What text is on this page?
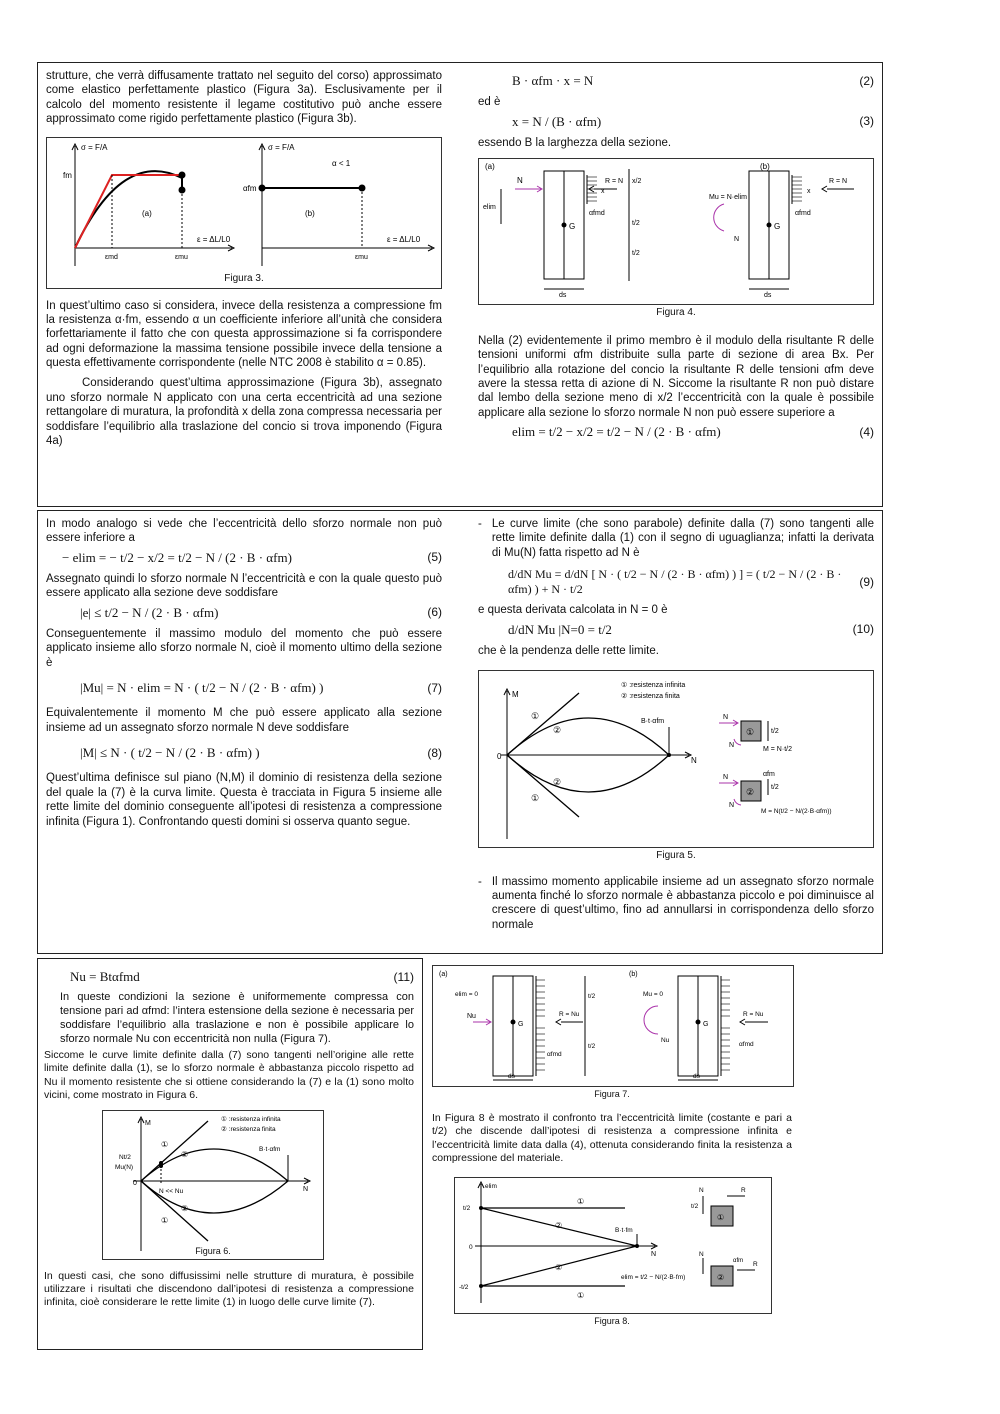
strutture, che verrà diffusamente trattato nel seguito del corso) approssimato come elastico perfettamente plastico (Figura 3a). Esclusivamente per il calcolo del momento resistente il legame costitutivo può anche essere approssimato come rigido perfettamente plastico (Figura 3b).

σ = F/A
fm
(a)
ε = ΔL/L0
εmd	εmu
σ = F/A
α < 1
αfm
(b)
ε = ΔL/L0
εmu
Figura 3.

In quest’ultimo caso si considera, invece della resistenza a compressione fm la resistenza α·fm, essendo α un coefficiente inferiore all’unità che considera forfettariamente il fatto che con questa approssimazione si fa corrispondere ad ogni deformazione la massima tensione possibile invece della tensione a questa effettivamente corrispondente (nelle NTC 2008 è stabilito α = 0.85).

Considerando quest’ultima approssimazione (Figura 3b), assegnato uno sforzo normale N applicato con una certa eccentricità ad una sezione rettangolare di muratura, la profondità x della zona compressa necessaria per soddisfare l’equilibrio alla traslazione del concio si trova imponendo (Figura 4a)

B · αfm · x = N	(2)

ed è

x = N / (B · αfm)	(3)

essendo B la larghezza della sezione.

(a)	(b)
N
elim
G
x
R = N x/2
t/2
t/2
αfmd
ds
Mu = N·elim
N
G
R = N
x
αfmd
ds
Figura 4.

Nella (2) evidentemente il primo membro è il modulo della risultante R delle tensioni uniformi αfm distribuite sulla parte di sezione di area Bx. Per l’equilibrio alla rotazione del concio la risultante R delle tensioni αfm deve avere la stessa retta di azione di N. Siccome la risultante R non può distare dal lembo della sezione meno di x/2 l’eccentricità con la quale è possibile applicare alla sezione lo sforzo normale N non può essere superiore a

elim = t/2 − x/2 = t/2 − N / (2 · B · αfm)	(4)

In modo analogo si vede che l’eccentricità dello sforzo normale non può essere inferiore a

− elim = − t/2 − x/2 = t/2 − N / (2 · B · αfm)	(5)

Assegnato quindi lo sforzo normale N l’eccentricità e con la quale questo può essere applicato alla sezione deve soddisfare

|e| ≤ t/2 − N / (2 · B · αfm)	(6)

Conseguentemente il massimo modulo del momento che può essere applicato insieme allo sforzo normale N, cioè il momento ultimo della sezione è

|Mu| = N · elim = N · ( t/2 − N / (2 · B · αfm) )	(7)

Equivalentemente il momento M che può essere applicato alla sezione insieme ad un assegnato sforzo normale N deve soddisfare

|M| ≤ N · ( t/2 − N / (2 · B · αfm) )	(8)

Quest’ultima definisce sul piano (N,M) il dominio di resistenza della sezione del quale la (7) è la curva limite. Questa è tracciata in Figura 5 insieme alle rette limite del dominio conseguente all’ipotesi di resistenza a compressione infinita (Figura 1). Confrontando questi domini si osserva quanto segue.

- Le curve limite (che sono parabole) definite dalla (7) sono tangenti alle rette limite definite dalla (1) con il segno di uguaglianza; infatti la derivata di Mu(N) fatta rispetto ad N è

d/dN Mu = d/dN [ N · ( t/2 − N / (2 · B · αfm) ) ] = ( t/2 − N / (2 · B · αfm) ) + N · t/2
(9)

e questa derivata calcolata in N = 0 è

d/dN Mu |N=0 = t/2	(10)

che è la pendenza delle rette limite.

① :resistenza infinita
② :resistenza finita
M
N
0
B·t·αfm
①
②
②
①
①
②
N
N
N
N
t/2
t/2
M = N·t/2
M = N(t/2 − N/(2·B·αfm))
αfm
Figura 5.
- Il massimo momento applicabile insieme ad un assegnato sforzo normale aumenta finché lo sforzo normale è abbastanza piccolo e poi diminuisce al crescere di quest’ultimo, fino ad annullarsi in corrispondenza dello sforzo normale

Nu = Btαfmd	(11)

In queste condizioni la sezione è uniformemente compressa con tensione pari ad αfmd: l’intera estensione della sezione è necessaria per soddisfare l’equilibrio alla traslazione e non è possibile applicare lo sforzo normale Nu con eccentricità non nulla (Figura 7).

Siccome le curve limite definite dalla (7) sono tangenti nell’origine alle rette limite definite dalla (1), se lo sforzo normale è abbastanza piccolo rispetto ad Nu il momento resistente che si ottiene considerando la (7) e la (1) sono molto vicini, come mostrato in Figura 6.

① :resistenza infinita
② :resistenza finita
M
N
0
Nt/2
Mu(N)
N << Nu
B·t·αfm
①
②
②
①
Figura 6.

In questi casi, che sono diffusissimi nelle strutture di muratura, è possibile utilizzare i risultati che discendono dall’ipotesi di resistenza a compressione infinita, cioè considerare le rette limite (1) in luogo delle curve limite (7).

(a)	(b)
elim = 0
Nu
G
R = Nu
t/2
t/2
αfmd
ds
Mu = 0
Nu
G
R = Nu
αfmd
ds
Figura 7.

In Figura 8 è mostrato il confronto tra l’eccentricità limite (costante e pari a t/2) che discende dall’ipotesi di resistenza a compressione infinita e l’eccentricità limite data dalla (4), ottenuta considerando finita la resistenza a compressione del materiale.

elim
t/2
0
-t/2
N
B·t·fm
①
②
②
①
t/2
N	R
N
R
①
②
αfm
elim = t/2 − N/(2·B·fm)
Figura 8.
